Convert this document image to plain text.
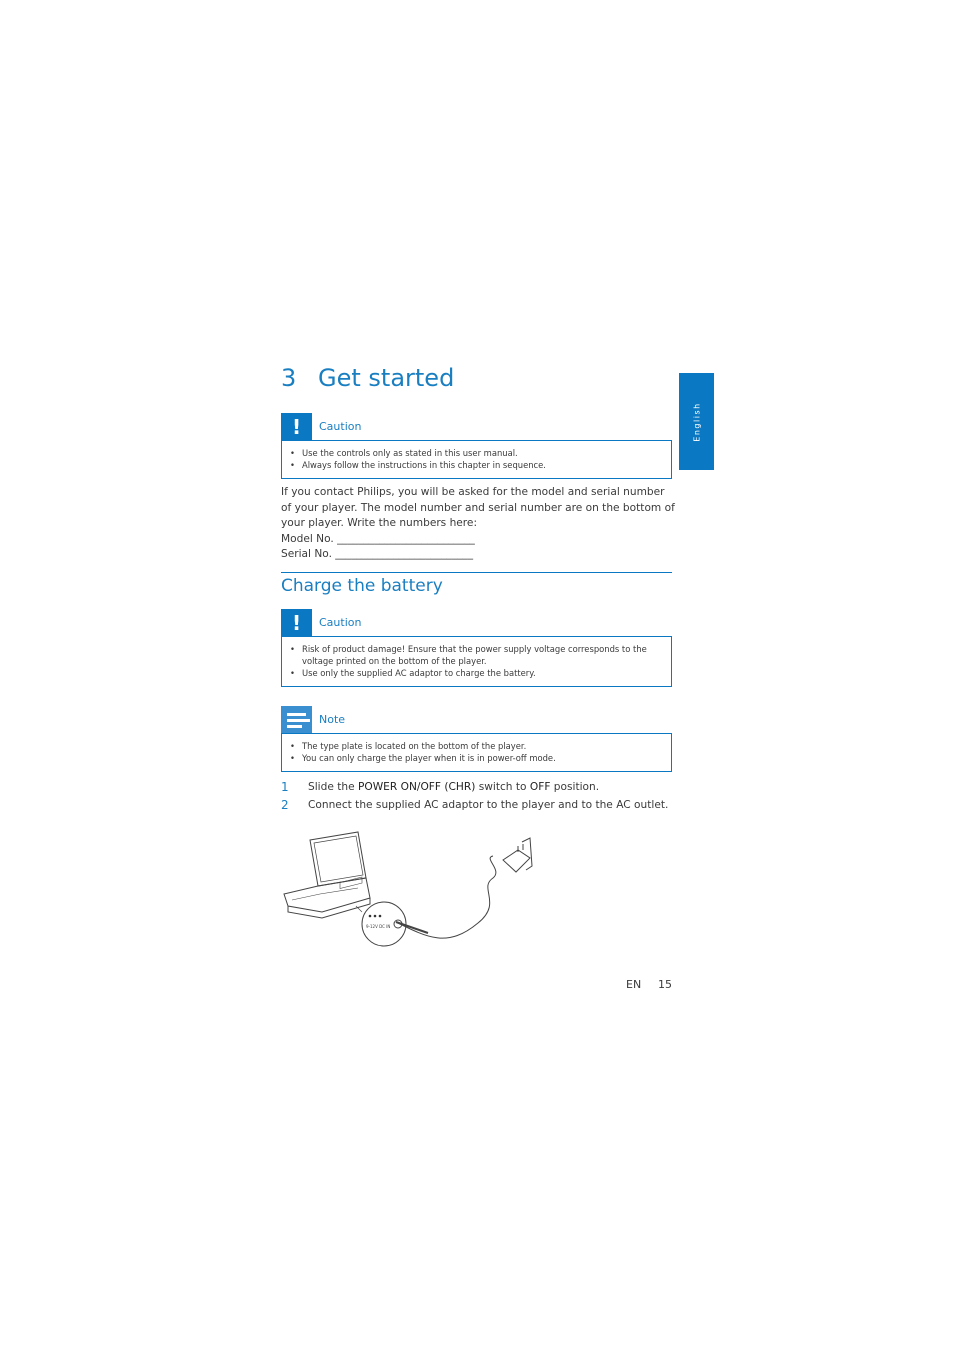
English
3 Get started
!	Caution
• Use the controls only as stated in this user manual.
• Always follow the instructions in this chapter in sequence.

If you contact Philips, you will be asked for the model and serial number of your player. The model number and serial number are on the bottom of your player. Write the numbers here:

Model No. __________________________

Serial No. __________________________

Charge the battery
!	Caution
• Risk of product damage! Ensure that the power supply voltage corresponds to the voltage printed on the bottom of the player.
• Use only the supplied AC adaptor to charge the battery.
Note
• The type plate is located on the bottom of the player.
• You can only charge the player when it is in power-off mode.
1 Slide the POWER ON/OFF (CHR) switch to OFF position.
2 Connect the supplied AC adaptor to the player and to the AC outlet.
9-12V DC IN
EN 15
